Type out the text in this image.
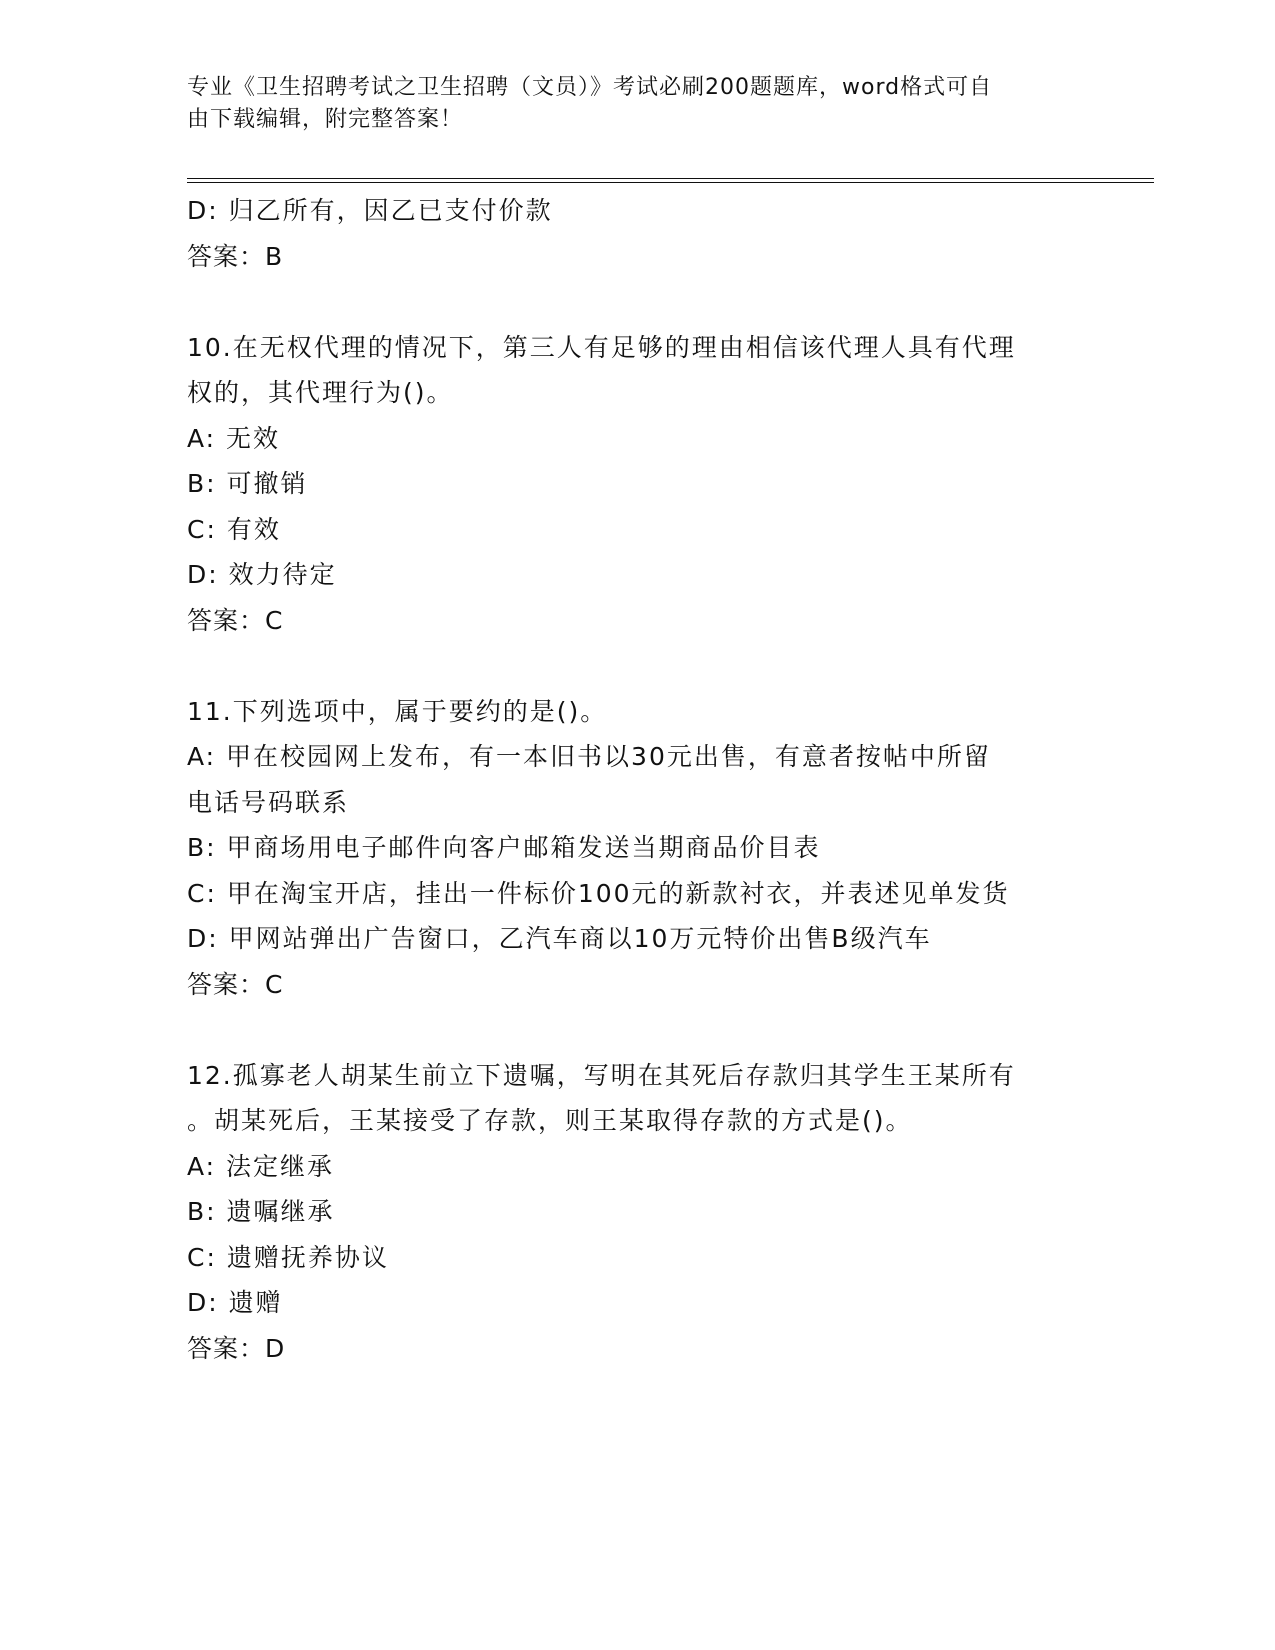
专业《卫生招聘考试之卫生招聘（文员）》考试必刷200题题库，word格式可自
由下载编辑，附完整答案！
D: 归乙所有，因乙已支付价款
答案：B
10.在无权代理的情况下，第三人有足够的理由相信该代理人具有代理
权的，其代理行为()。
A: 无效
B: 可撤销
C: 有效
D: 效力待定
答案：C
11.下列选项中，属于要约的是()。
A: 甲在校园网上发布，有一本旧书以30元出售，有意者按帖中所留
电话号码联系
B: 甲商场用电子邮件向客户邮箱发送当期商品价目表
C: 甲在淘宝开店，挂出一件标价100元的新款衬衣，并表述见单发货
D: 甲网站弹出广告窗口，乙汽车商以10万元特价出售B级汽车
答案：C
12.孤寡老人胡某生前立下遗嘱，写明在其死后存款归其学生王某所有
。胡某死后，王某接受了存款，则王某取得存款的方式是()。
A: 法定继承
B: 遗嘱继承
C: 遗赠抚养协议
D: 遗赠
答案：D
